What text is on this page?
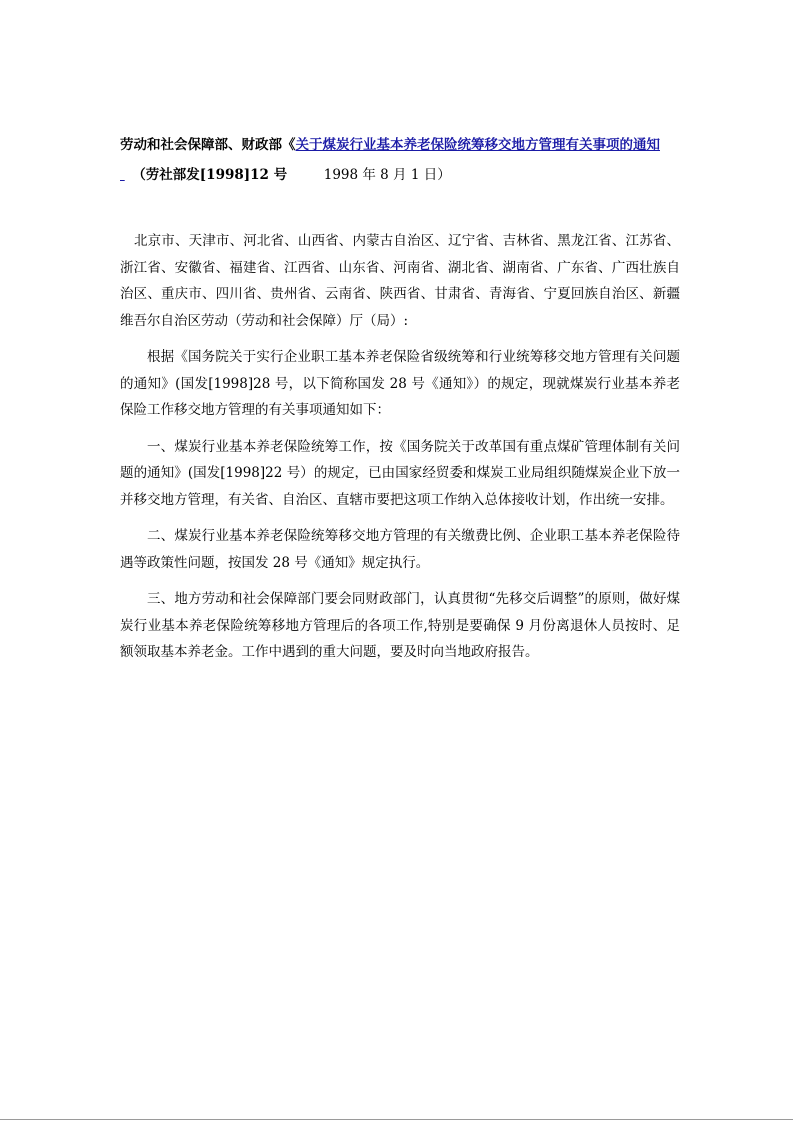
劳动和社会保障部、财政部《关于煤炭行业基本养老保险统筹移交地方管理有关事项的通知
（劳社部发[1998]12 号	1998 年 8 月 1 日）

北京市、天津市、河北省、山西省、内蒙古自治区、辽宁省、吉林省、黑龙江省、江苏省、浙江省、安徽省、福建省、江西省、山东省、河南省、湖北省、湖南省、广东省、广西壮族自治区、重庆市、四川省、贵州省、云南省、陕西省、甘肃省、青海省、宁夏回族自治区、新疆维吾尔自治区劳动（劳动和社会保障）厅（局）:

根据《国务院关于实行企业职工基本养老保险省级统筹和行业统筹移交地方管理有关问题的通知》(国发[1998]28 号，以下简称国发 28 号《通知》）的规定，现就煤炭行业基本养老保险工作移交地方管理的有关事项通知如下：

一、煤炭行业基本养老保险统筹工作，按《国务院关于改革国有重点煤矿管理体制有关问题的通知》(国发[1998]22 号）的规定，已由国家经贸委和煤炭工业局组织随煤炭企业下放一并移交地方管理，有关省、自治区、直辖市要把这项工作纳入总体接收计划，作出统一安排。

二、煤炭行业基本养老保险统筹移交地方管理的有关缴费比例、企业职工基本养老保险待遇等政策性问题，按国发 28 号《通知》规定执行。

三、地方劳动和社会保障部门要会同财政部门，认真贯彻“先移交后调整”的原则，做好煤炭行业基本养老保险统筹移地方管理后的各项工作,特别是要确保 9 月份离退休人员按时、足额领取基本养老金。工作中遇到的重大问题，要及时向当地政府报告。
